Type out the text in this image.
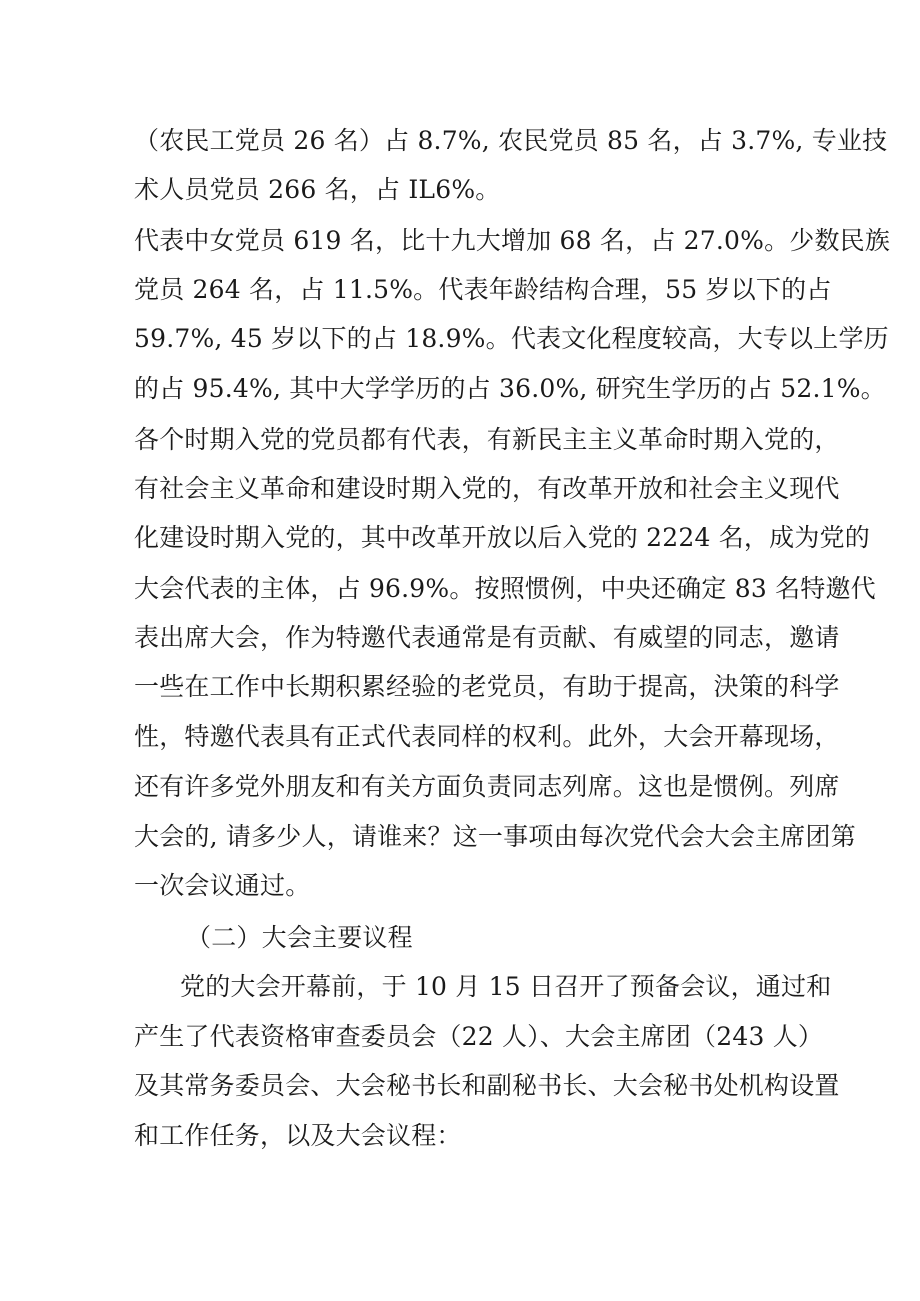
（农民工党员 26 名）占 8.7%, 农民党员 85 名，占 3.7%, 专业技
术人员党员 266 名，占 IL6%。
代表中女党员 619 名，比十九大增加 68 名，占 27.0%。少数民族
党员 264 名，占 11.5%。代表年龄结构合理，55 岁以下的占
59.7%, 45 岁以下的占 18.9%。代表文化程度较高，大专以上学历
的占 95.4%, 其中大学学历的占 36.0%, 研究生学历的占 52.1%。
各个时期入党的党员都有代表，有新民主主义革命时期入党的，
有社会主义革命和建设时期入党的，有改革开放和社会主义现代
化建设时期入党的，其中改革开放以后入党的 2224 名，成为党的
大会代表的主体，占 96.9%。按照惯例，中央还确定 83 名特邀代
表出席大会，作为特邀代表通常是有贡献、有威望的同志，邀请
一些在工作中长期积累经验的老党员，有助于提高，決策的科学
性，特邀代表具有正式代表同样的权利。此外，大会开幕现场，
还有许多党外朋友和有关方面负责同志列席。这也是惯例。列席
大会的, 请多少人，请谁来？这一事项由每次党代会大会主席团第
一次会议通过。
（二）大会主要议程
党的大会开幕前，于 10 月 15 日召开了预备会议，通过和
产生了代表资格审查委员会（22 人）、大会主席团（243 人）
及其常务委员会、大会秘书长和副秘书长、大会秘书处机构设置
和工作任务，以及大会议程：
